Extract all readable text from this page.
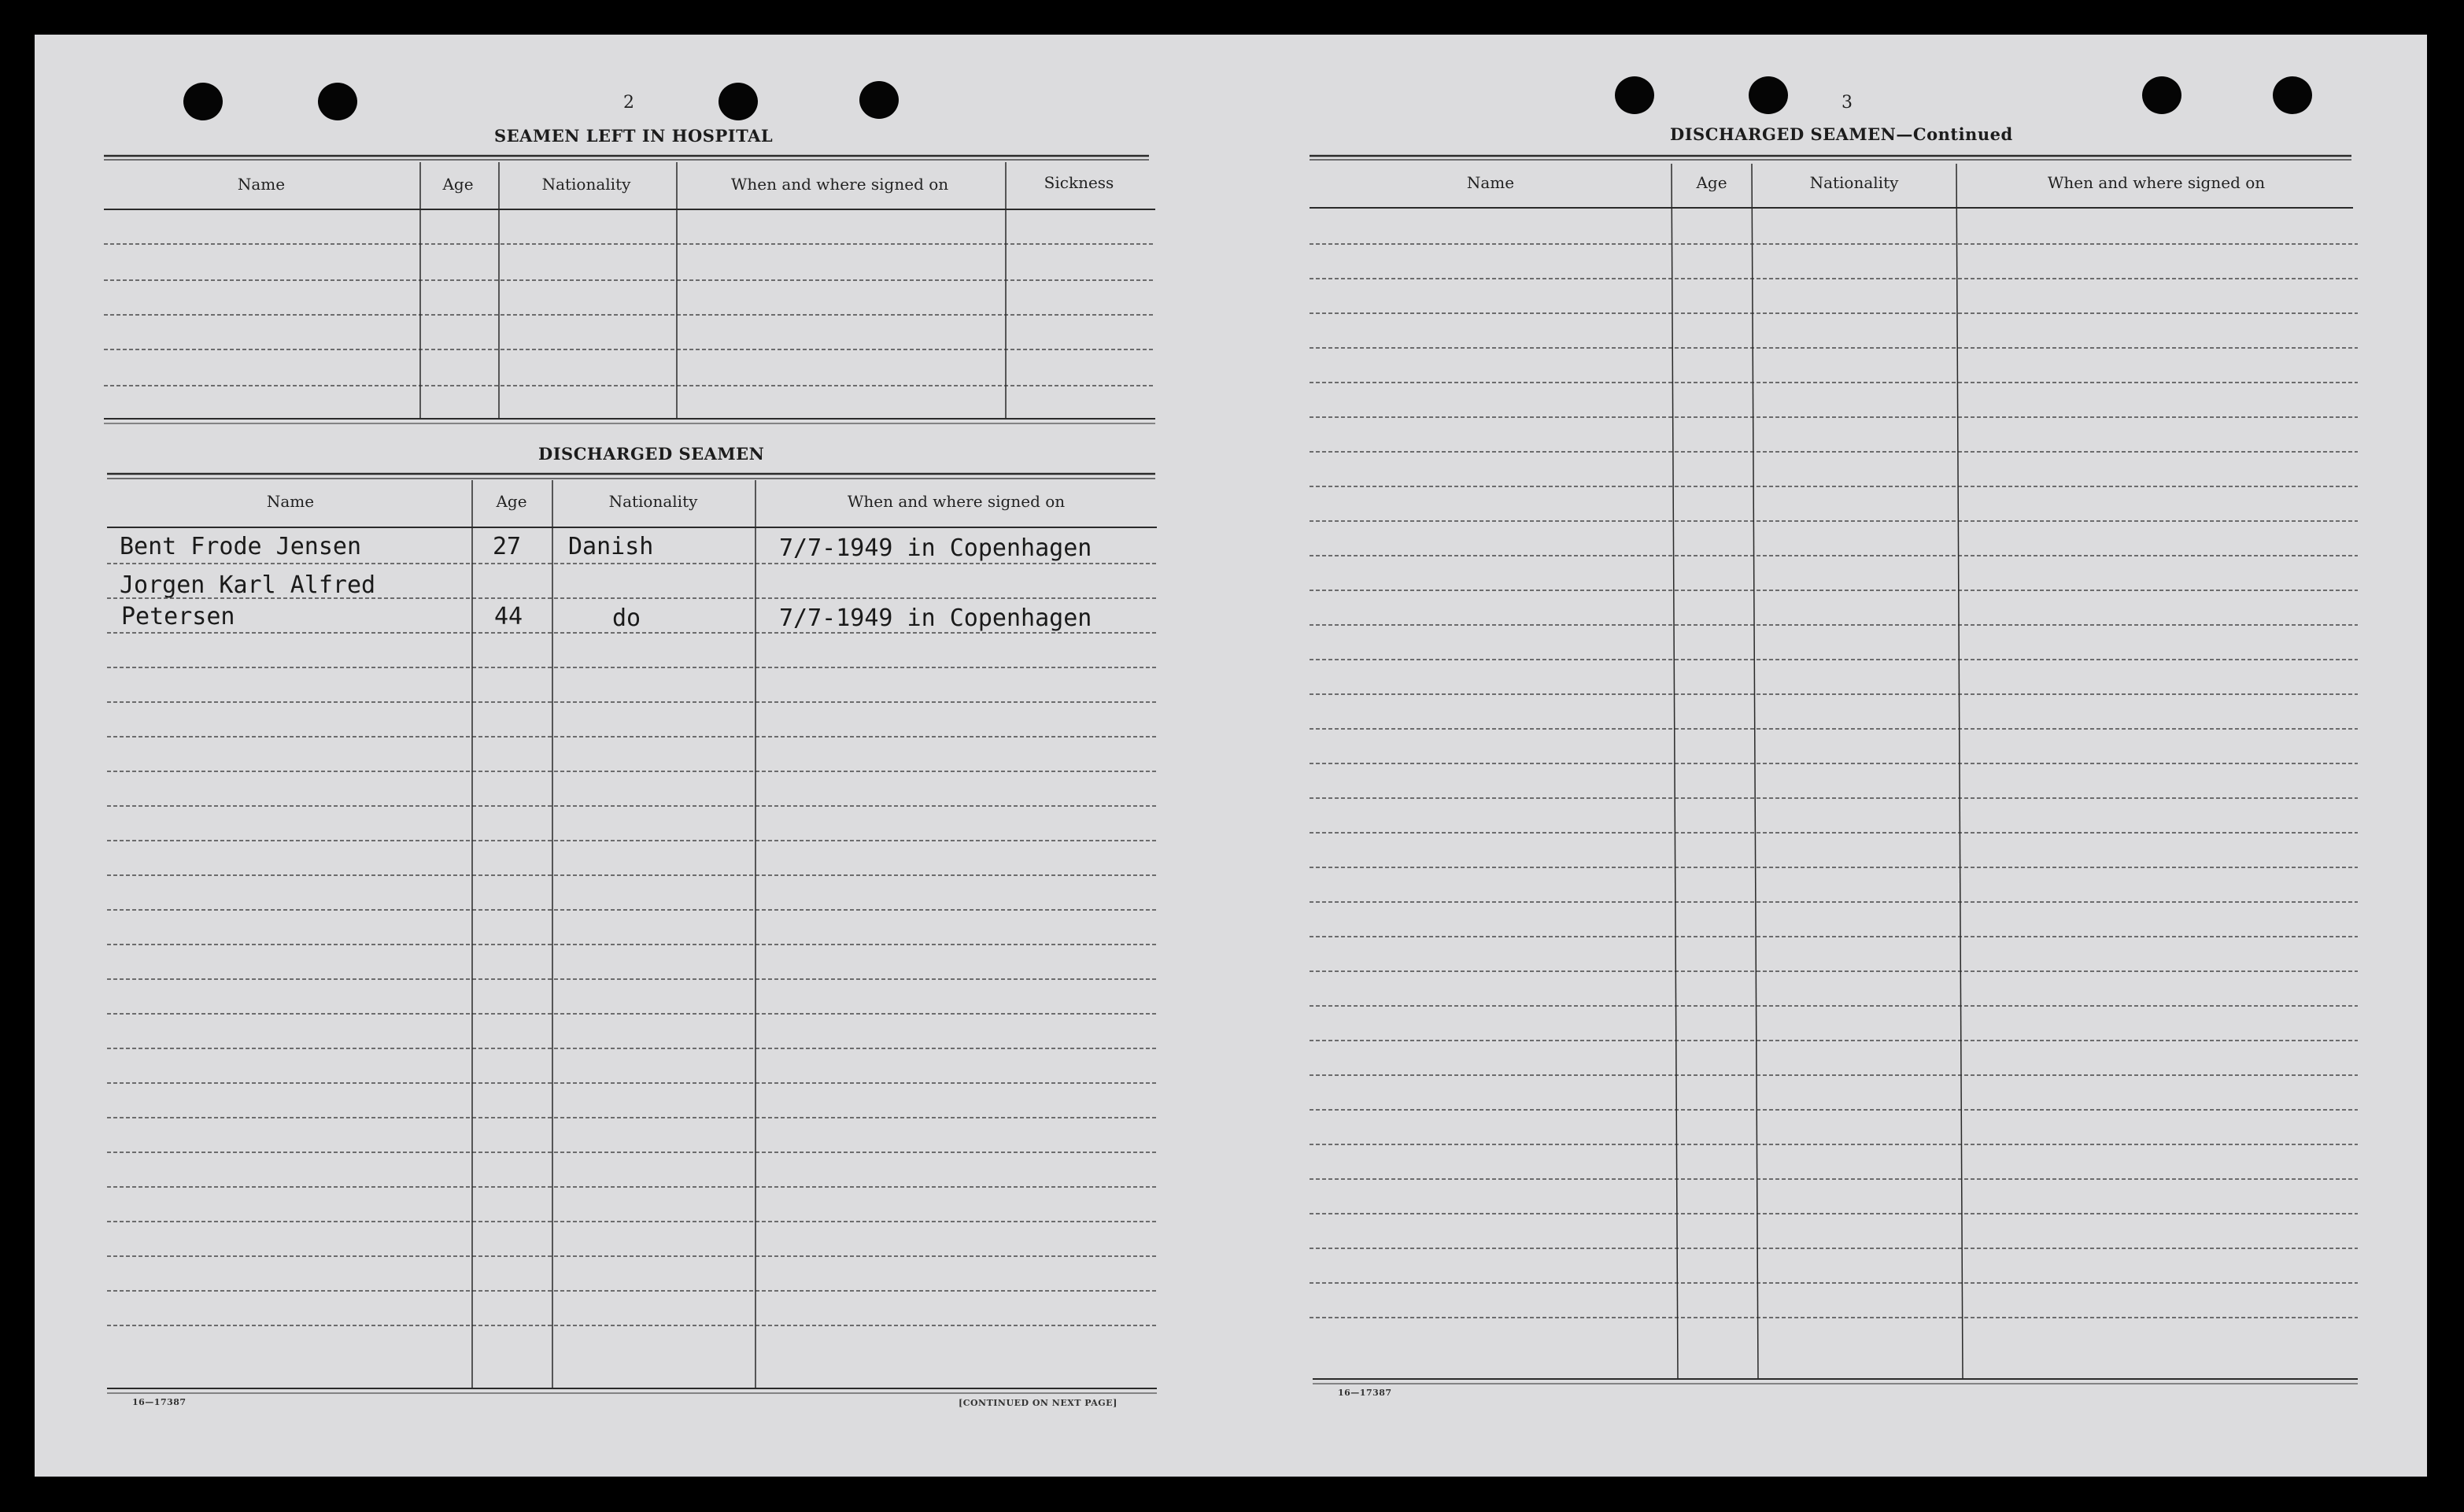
2
SEAMEN LEFT IN HOSPITAL
Name	Age	Nationality	When and where signed on	Sickness
DISCHARGED SEAMEN
Name	Age	Nationality	When and where signed on
Bent Frode Jensen	27 Danish	7/7-1949 in Copenhagen
Jorgen Karl Alfred
Petersen	44	do	7/7-1949 in Copenhagen
16—17387	[CONTINUED ON NEXT PAGE]
3
DISCHARGED SEAMEN—Continued
Name	Age	Nationality	When and where signed on
16—17387
